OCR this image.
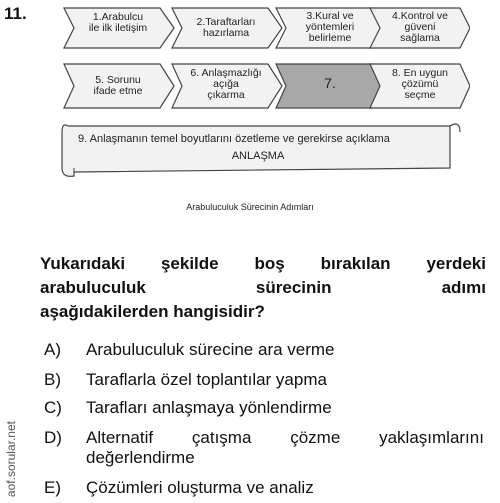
11.	1.Arabulcu
ile ilk iletişim	2.Taraftarları
hazırlama
3.Kural ve
yöntemleri
belirleme
4.Kontrol ve
güveni
sağlama
5. Sorunu
ifade etme
6. Anlaşmazlığı
açığa
çıkarma
7.
8. En uygun
çözümü
seçme
9. Anlaşmanın temel boyutlarını özetleme ve gerekirse açıklama
ANLAŞMA
Arabuluculuk Sürecinin Adımları
Yukarıdaki şekilde boş bırakılan yerdeki
arabuluculuk	sürecinin	adımı
aşağıdakilerden hangisidir?
A)	Arabuluculuk sürecine ara verme
B)	Taraflarla özel toplantılar yapma
C)	Tarafları anlaşmaya yönlendirme
D)	Alternatif çatışma çözme yaklaşımlarını
değerlendirme
E)	Çözümleri oluşturma ve analiz
aof.sorular.net
